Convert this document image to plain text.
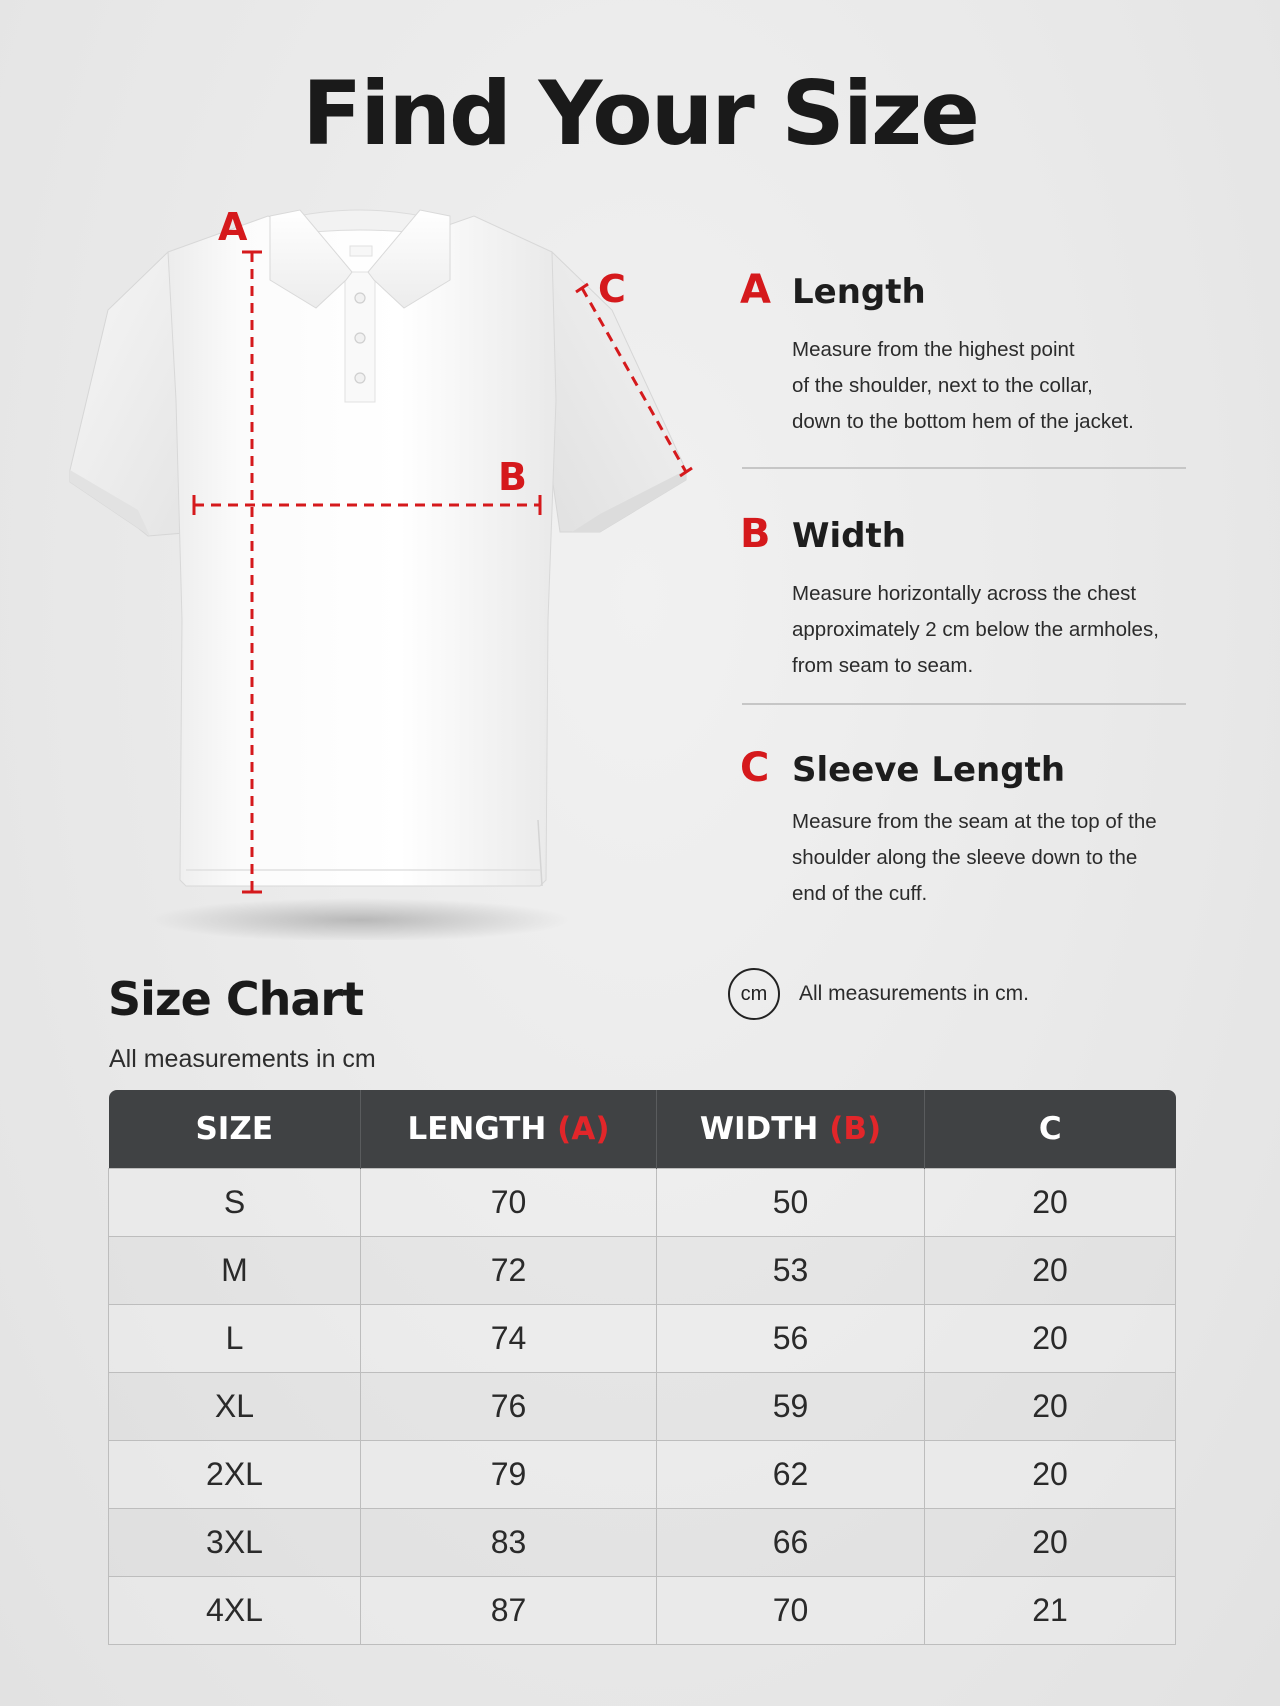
Find Your Size
A
B
C	A Length
Measure from the highest point
of the shoulder, next to the collar,
down to the bottom hem of the jacket.
B Width
Measure horizontally across the chest
approximately 2 cm below the armholes,
from seam to seam.
C Sleeve Length
Measure from the seam at the top of the
shoulder along the sleeve down to the
end of the cuff.
Size Chart
All measurements in cm
cm	All measurements in cm.
SIZE	LENGTH (A)	WIDTH (B)	C
S	70	50	20
M	72	53	20
L	74	56	20
XL	76	59	20
2XL	79	62	20
3XL	83	66	20
4XL	87	70	21
